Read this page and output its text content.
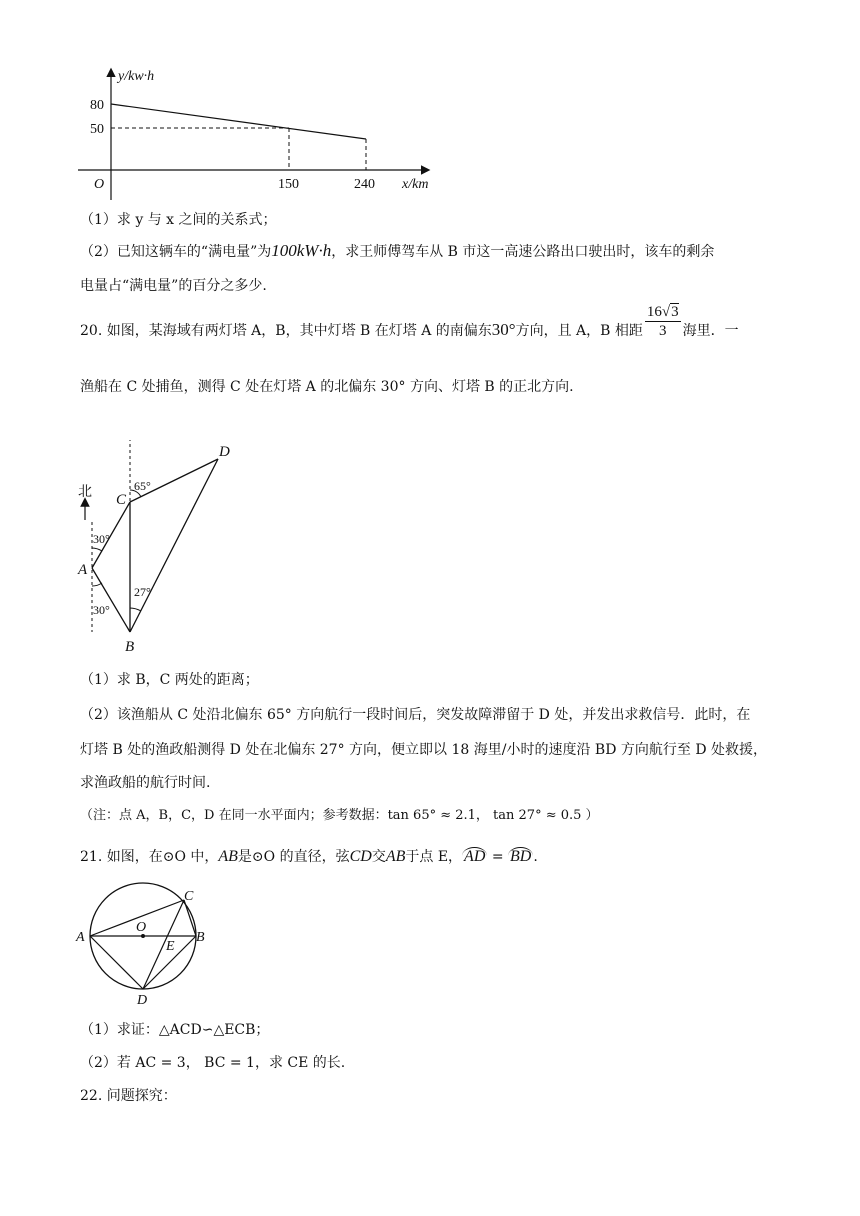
y/kw·h
x/km
O
80
50
150	240
（1）求 y 与 x 之间的关系式；
（2）已知这辆车的“满电量”为100kW·h，求王师傅驾车从 B 市这一高速公路出口驶出时，该车的剩余
电量占“满电量”的百分之多少.
20. 如图，某海域有两灯塔 A，B，其中灯塔 B 在灯塔 A 的南偏东30°方向，且 A，B 相距 $\frac{16√3}{3}$ 海里．一
渔船在 C 处捕鱼，测得 C 处在灯塔 A 的北偏东 30° 方向、灯塔 B 的正北方向.
北
D
C
A
B
65°
30°
30°
27°
（1）求 B，C 两处的距离；
（2）该渔船从 C 处沿北偏东 65° 方向航行一段时间后，突发故障滞留于 D 处，并发出求救信号．此时，在
灯塔 B 处的渔政船测得 D 处在北偏东 27° 方向，便立即以 18 海里/小时的速度沿 BD 方向航行至 D 处救援，
求渔政船的航行时间.
（注：点 A，B，C，D 在同一水平面内；参考数据：tan 65° ≈ 2.1， tan 27° ≈ 0.5 ）
21. 如图，在⊙O 中，AB是⊙O 的直径，弦CD交AB于点 E， AD = BD .
A	B
C
D
O
E
（1）求证：△ACD∽△ECB；
（2）若 AC = 3， BC = 1，求 CE 的长.
22. 问题探究：
